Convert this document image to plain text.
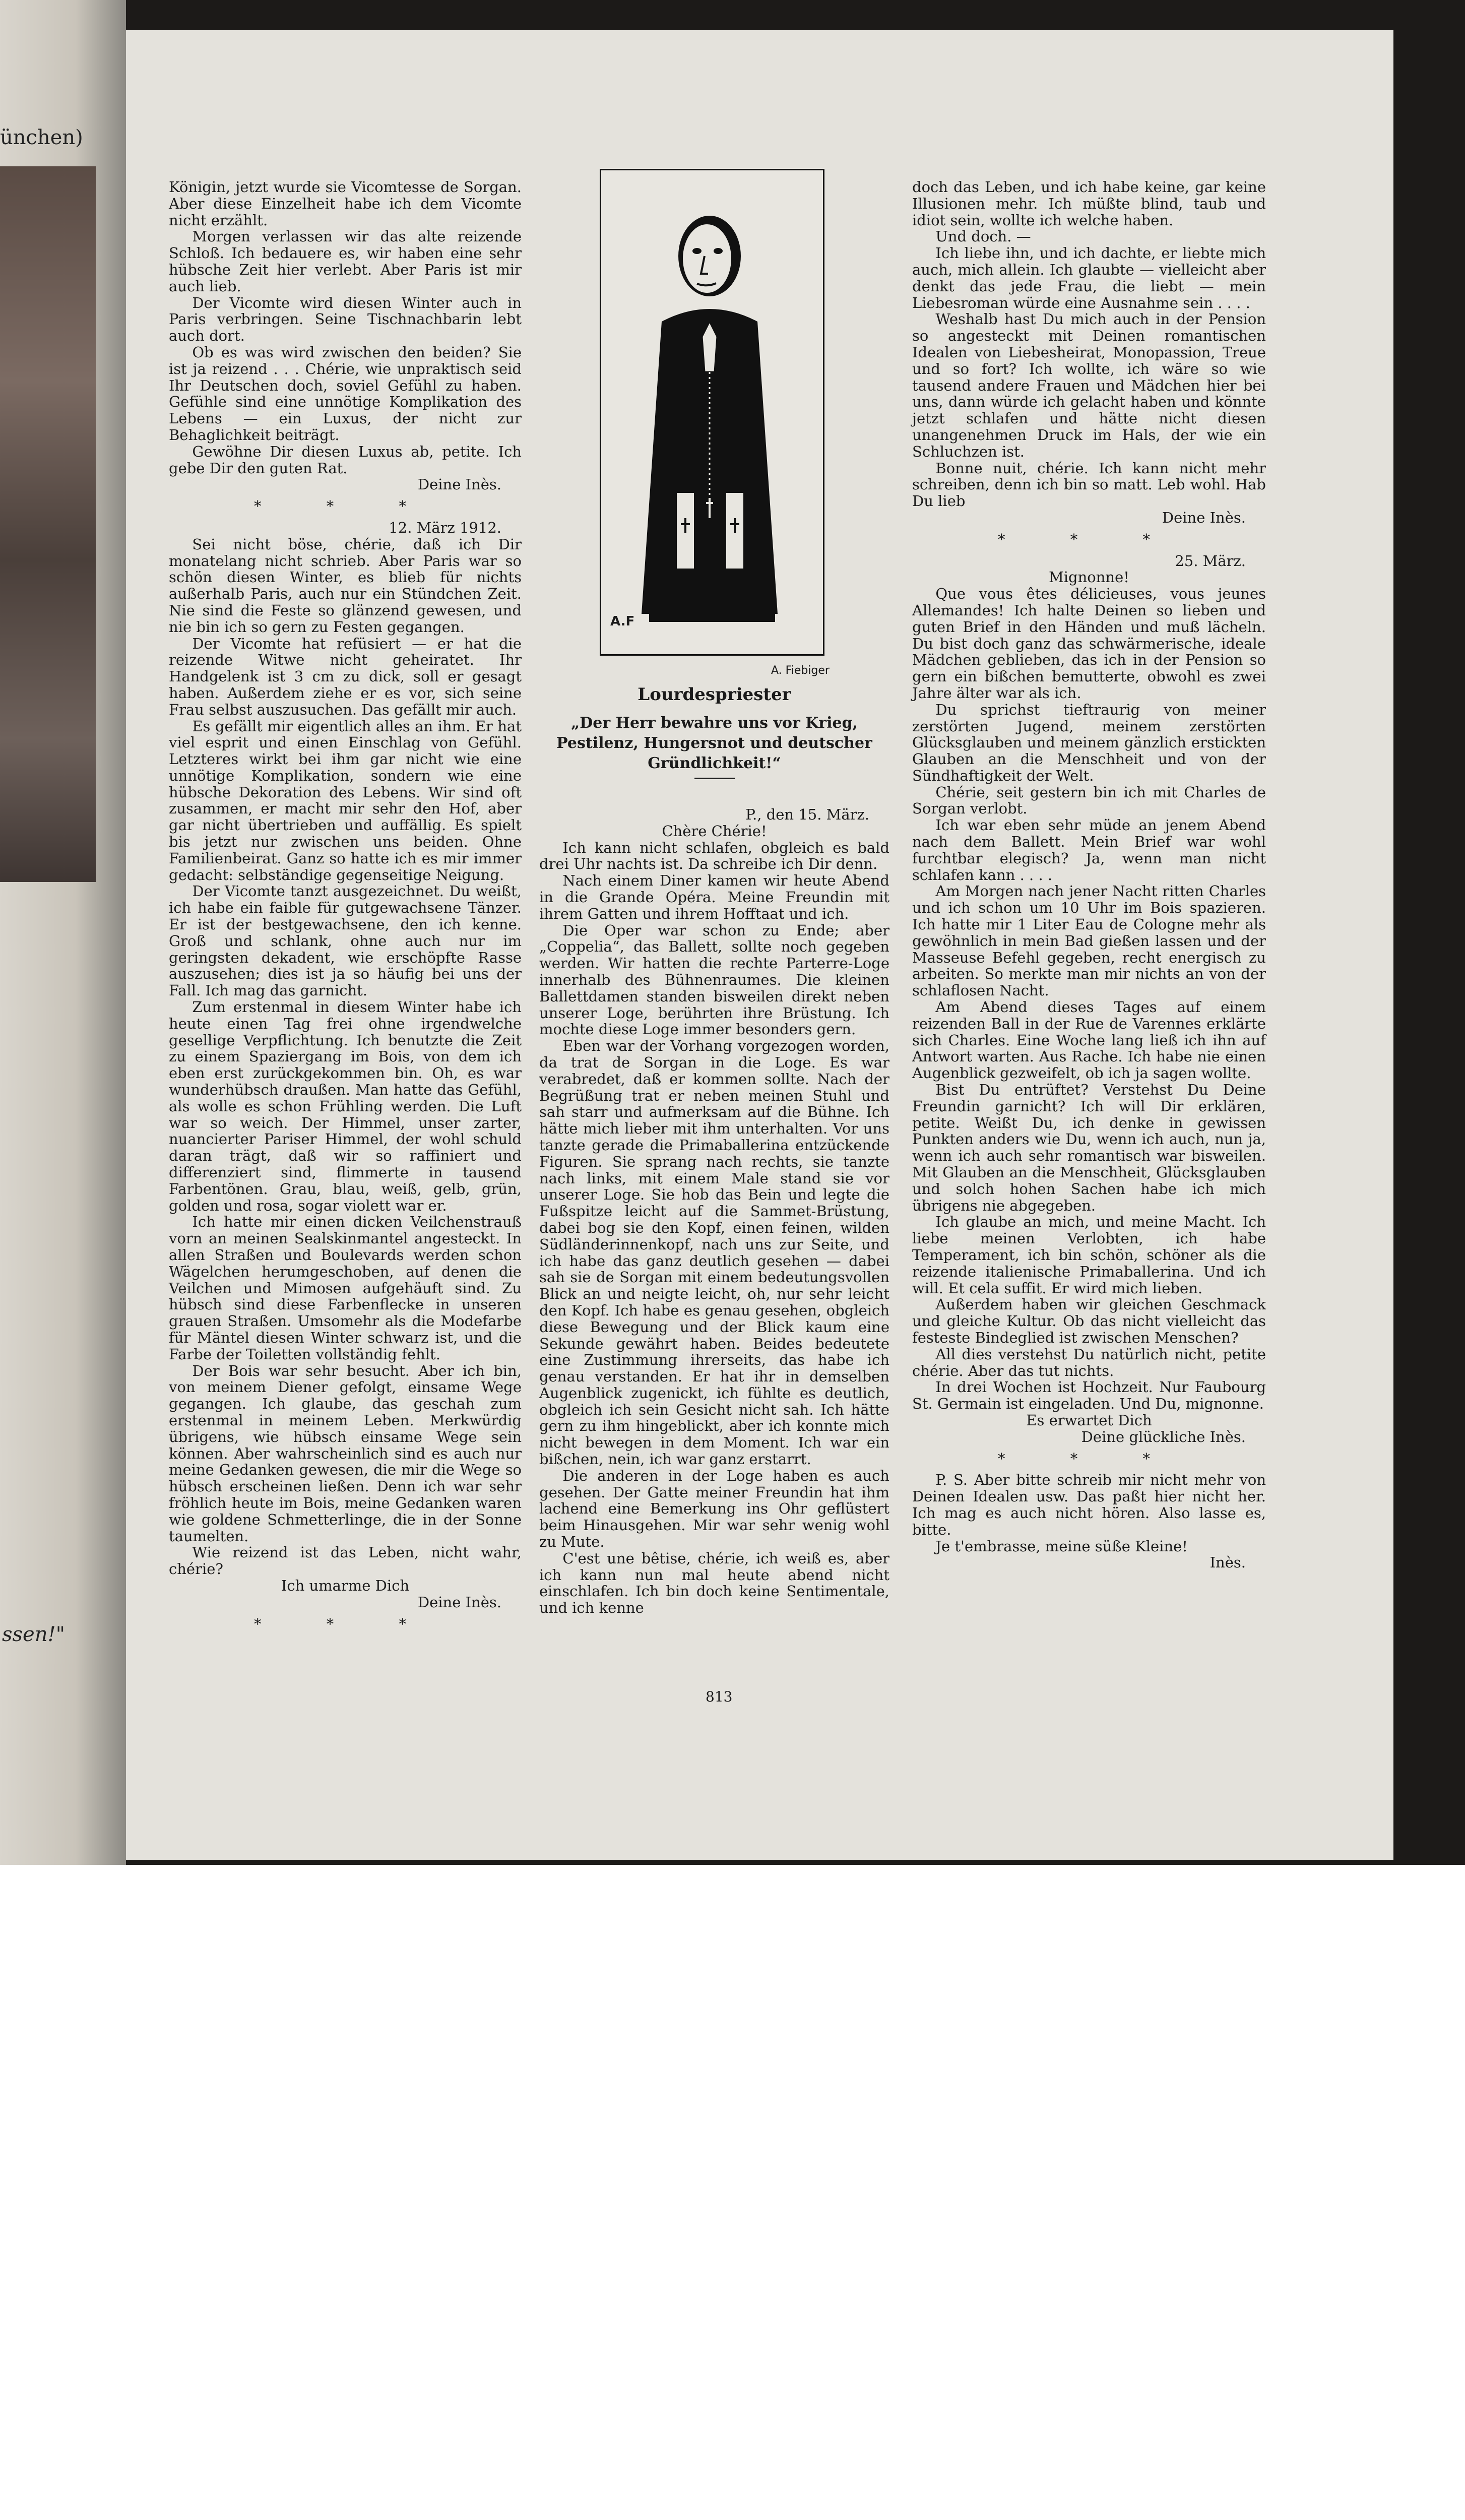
ünchen)
ssen!"

Königin, jetzt wurde sie Vicomtesse de Sorgan. Aber diese Einzelheit habe ich dem Vicomte nicht erzählt.

Morgen verlassen wir das alte reizende Schloß. Ich bedauere es, wir haben eine sehr hübsche Zeit hier verlebt. Aber Paris ist mir auch lieb.

Der Vicomte wird diesen Winter auch in Paris verbringen. Seine Tischnachbarin lebt auch dort.

Ob es was wird zwischen den beiden? Sie ist ja reizend . . . Chérie, wie unpraktisch seid Ihr Deutschen doch, soviel Gefühl zu haben. Gefühle sind eine unnötige Komplikation des Lebens — ein Luxus, der nicht zur Behaglichkeit beiträgt.

Gewöhne Dir diesen Luxus ab, petite. Ich gebe Dir den guten Rat.

Deine Inès.

* * *

12. März 1912.

Sei nicht böse, chérie, daß ich Dir monatelang nicht schrieb. Aber Paris war so schön diesen Winter, es blieb für nichts außerhalb Paris, auch nur ein Stündchen Zeit. Nie sind die Feste so glänzend gewesen, und nie bin ich so gern zu Festen gegangen.

Der Vicomte hat refüsiert — er hat die reizende Witwe nicht geheiratet. Ihr Handgelenk ist 3 cm zu dick, soll er gesagt haben. Außerdem ziehe er es vor, sich seine Frau selbst auszusuchen. Das gefällt mir auch.

Es gefällt mir eigentlich alles an ihm. Er hat viel esprit und einen Einschlag von Gefühl. Letzteres wirkt bei ihm gar nicht wie eine unnötige Komplikation, sondern wie eine hübsche Dekoration des Lebens. Wir sind oft zusammen, er macht mir sehr den Hof, aber gar nicht übertrieben und auffällig. Es spielt bis jetzt nur zwischen uns beiden. Ohne Familienbeirat. Ganz so hatte ich es mir immer gedacht: selbständige gegenseitige Neigung.

Der Vicomte tanzt ausgezeichnet. Du weißt, ich habe ein faible für gutgewachsene Tänzer. Er ist der bestgewachsene, den ich kenne. Groß und schlank, ohne auch nur im geringsten dekadent, wie erschöpfte Rasse auszusehen; dies ist ja so häufig bei uns der Fall. Ich mag das garnicht.

Zum erstenmal in diesem Winter habe ich heute einen Tag frei ohne irgendwelche gesellige Verpflichtung. Ich benutzte die Zeit zu einem Spaziergang im Bois, von dem ich eben erst zurückgekommen bin. Oh, es war wunderhübsch draußen. Man hatte das Gefühl, als wolle es schon Frühling werden. Die Luft war so weich. Der Himmel, unser zarter, nuancierter Pariser Himmel, der wohl schuld daran trägt, daß wir so raffiniert und differenziert sind, flimmerte in tausend Farbentönen. Grau, blau, weiß, gelb, grün, golden und rosa, sogar violett war er.

Ich hatte mir einen dicken Veilchenstrauß vorn an meinen Sealskinmantel angesteckt. In allen Straßen und Boulevards werden schon Wägelchen herumgeschoben, auf denen die Veilchen und Mimosen aufgehäuft sind. Zu hübsch sind diese Farbenflecke in unseren grauen Straßen. Umsomehr als die Modefarbe für Mäntel diesen Winter schwarz ist, und die Farbe der Toiletten vollständig fehlt.

Der Bois war sehr besucht. Aber ich bin, von meinem Diener gefolgt, einsame Wege gegangen. Ich glaube, das geschah zum erstenmal in meinem Leben. Merkwürdig übrigens, wie hübsch einsame Wege sein können. Aber wahrscheinlich sind es auch nur meine Gedanken gewesen, die mir die Wege so hübsch erscheinen ließen. Denn ich war sehr fröhlich heute im Bois, meine Gedanken waren wie goldene Schmetterlinge, die in der Sonne taumelten.

Wie reizend ist das Leben, nicht wahr, chérie?

Ich umarme Dich

Deine Inès.

* * *

A.F
A. Fiebiger
Lourdespriester
„Der Herr bewahre uns vor Krieg, Pestilenz, Hungersnot und deutscher Gründlichkeit!“

P., den 15. März.

Chère Chérie!

Ich kann nicht schlafen, obgleich es bald drei Uhr nachts ist. Da schreibe ich Dir denn.

Nach einem Diner kamen wir heute Abend in die Grande Opéra. Meine Freundin mit ihrem Gatten und ihrem Hofftaat und ich.

Die Oper war schon zu Ende; aber „Coppelia“, das Ballett, sollte noch gegeben werden. Wir hatten die rechte Parterre-Loge innerhalb des Bühnenraumes. Die kleinen Ballettdamen standen bisweilen direkt neben unserer Loge, berührten ihre Brüstung. Ich mochte diese Loge immer besonders gern.

Eben war der Vorhang vorgezogen worden, da trat de Sorgan in die Loge. Es war verabredet, daß er kommen sollte. Nach der Begrüßung trat er neben meinen Stuhl und sah starr und aufmerksam auf die Bühne. Ich hätte mich lieber mit ihm unterhalten. Vor uns tanzte gerade die Primaballerina entzückende Figuren. Sie sprang nach rechts, sie tanzte nach links, mit einem Male stand sie vor unserer Loge. Sie hob das Bein und legte die Fußspitze leicht auf die Sammet-Brüstung, dabei bog sie den Kopf, einen feinen, wilden Südländerinnenkopf, nach uns zur Seite, und ich habe das ganz deutlich gesehen — dabei sah sie de Sorgan mit einem bedeutungsvollen Blick an und neigte leicht, oh, nur sehr leicht den Kopf. Ich habe es genau gesehen, obgleich diese Bewegung und der Blick kaum eine Sekunde gewährt haben. Beides bedeutete eine Zustimmung ihrerseits, das habe ich genau verstanden. Er hat ihr in demselben Augenblick zugenickt, ich fühlte es deutlich, obgleich ich sein Gesicht nicht sah. Ich hätte gern zu ihm hingeblickt, aber ich konnte mich nicht bewegen in dem Moment. Ich war ein bißchen, nein, ich war ganz erstarrt.

Die anderen in der Loge haben es auch gesehen. Der Gatte meiner Freundin hat ihm lachend eine Bemerkung ins Ohr geflüstert beim Hinausgehen. Mir war sehr wenig wohl zu Mute.

C'est une bêtise, chérie, ich weiß es, aber ich kann nun mal heute abend nicht einschlafen. Ich bin doch keine Sentimentale, und ich kenne

doch das Leben, und ich habe keine, gar keine Illusionen mehr. Ich müßte blind, taub und idiot sein, wollte ich welche haben.

Und doch. —

Ich liebe ihn, und ich dachte, er liebte mich auch, mich allein. Ich glaubte — vielleicht aber denkt das jede Frau, die liebt — mein Liebesroman würde eine Ausnahme sein . . . .

Weshalb hast Du mich auch in der Pension so angesteckt mit Deinen romantischen Idealen von Liebesheirat, Monopassion, Treue und so fort? Ich wollte, ich wäre so wie tausend andere Frauen und Mädchen hier bei uns, dann würde ich gelacht haben und könnte jetzt schlafen und hätte nicht diesen unangenehmen Druck im Hals, der wie ein Schluchzen ist.

Bonne nuit, chérie. Ich kann nicht mehr schreiben, denn ich bin so matt. Leb wohl. Hab Du lieb

Deine Inès.

* * *

25. März.

Mignonne!

Que vous êtes délicieuses, vous jeunes Allemandes! Ich halte Deinen so lieben und guten Brief in den Händen und muß lächeln. Du bist doch ganz das schwärmerische, ideale Mädchen geblieben, das ich in der Pension so gern ein bißchen bemutterte, obwohl es zwei Jahre älter war als ich.

Du sprichst tieftraurig von meiner zerstörten Jugend, meinem zerstörten Glücksglauben und meinem gänzlich erstickten Glauben an die Menschheit und von der Sündhaftigkeit der Welt.

Chérie, seit gestern bin ich mit Charles de Sorgan verlobt.

Ich war eben sehr müde an jenem Abend nach dem Ballett. Mein Brief war wohl furchtbar elegisch? Ja, wenn man nicht schlafen kann . . . .

Am Morgen nach jener Nacht ritten Charles und ich schon um 10 Uhr im Bois spazieren. Ich hatte mir 1 Liter Eau de Cologne mehr als gewöhnlich in mein Bad gießen lassen und der Masseuse Befehl gegeben, recht energisch zu arbeiten. So merkte man mir nichts an von der schlaflosen Nacht.

Am Abend dieses Tages auf einem reizenden Ball in der Rue de Varennes erklärte sich Charles. Eine Woche lang ließ ich ihn auf Antwort warten. Aus Rache. Ich habe nie einen Augenblick gezweifelt, ob ich ja sagen wollte.

Bist Du entrüftet? Verstehst Du Deine Freundin garnicht? Ich will Dir erklären, petite. Weißt Du, ich denke in gewissen Punkten anders wie Du, wenn ich auch, nun ja, wenn ich auch sehr romantisch war bisweilen. Mit Glauben an die Menschheit, Glücksglauben und solch hohen Sachen habe ich mich übrigens nie abgegeben.

Ich glaube an mich, und meine Macht. Ich liebe meinen Verlobten, ich habe Temperament, ich bin schön, schöner als die reizende italienische Primaballerina. Und ich will. Et cela suffit. Er wird mich lieben.

Außerdem haben wir gleichen Geschmack und gleiche Kultur. Ob das nicht vielleicht das festeste Bindeglied ist zwischen Menschen?

All dies verstehst Du natürlich nicht, petite chérie. Aber das tut nichts.

In drei Wochen ist Hochzeit. Nur Faubourg St. Germain ist eingeladen. Und Du, mignonne.

Es erwartet Dich

Deine glückliche Inès.

* * *

P. S. Aber bitte schreib mir nicht mehr von Deinen Idealen usw. Das paßt hier nicht her. Ich mag es auch nicht hören. Also lasse es, bitte.

Je t'embrasse, meine süße Kleine!

Inès.

813
